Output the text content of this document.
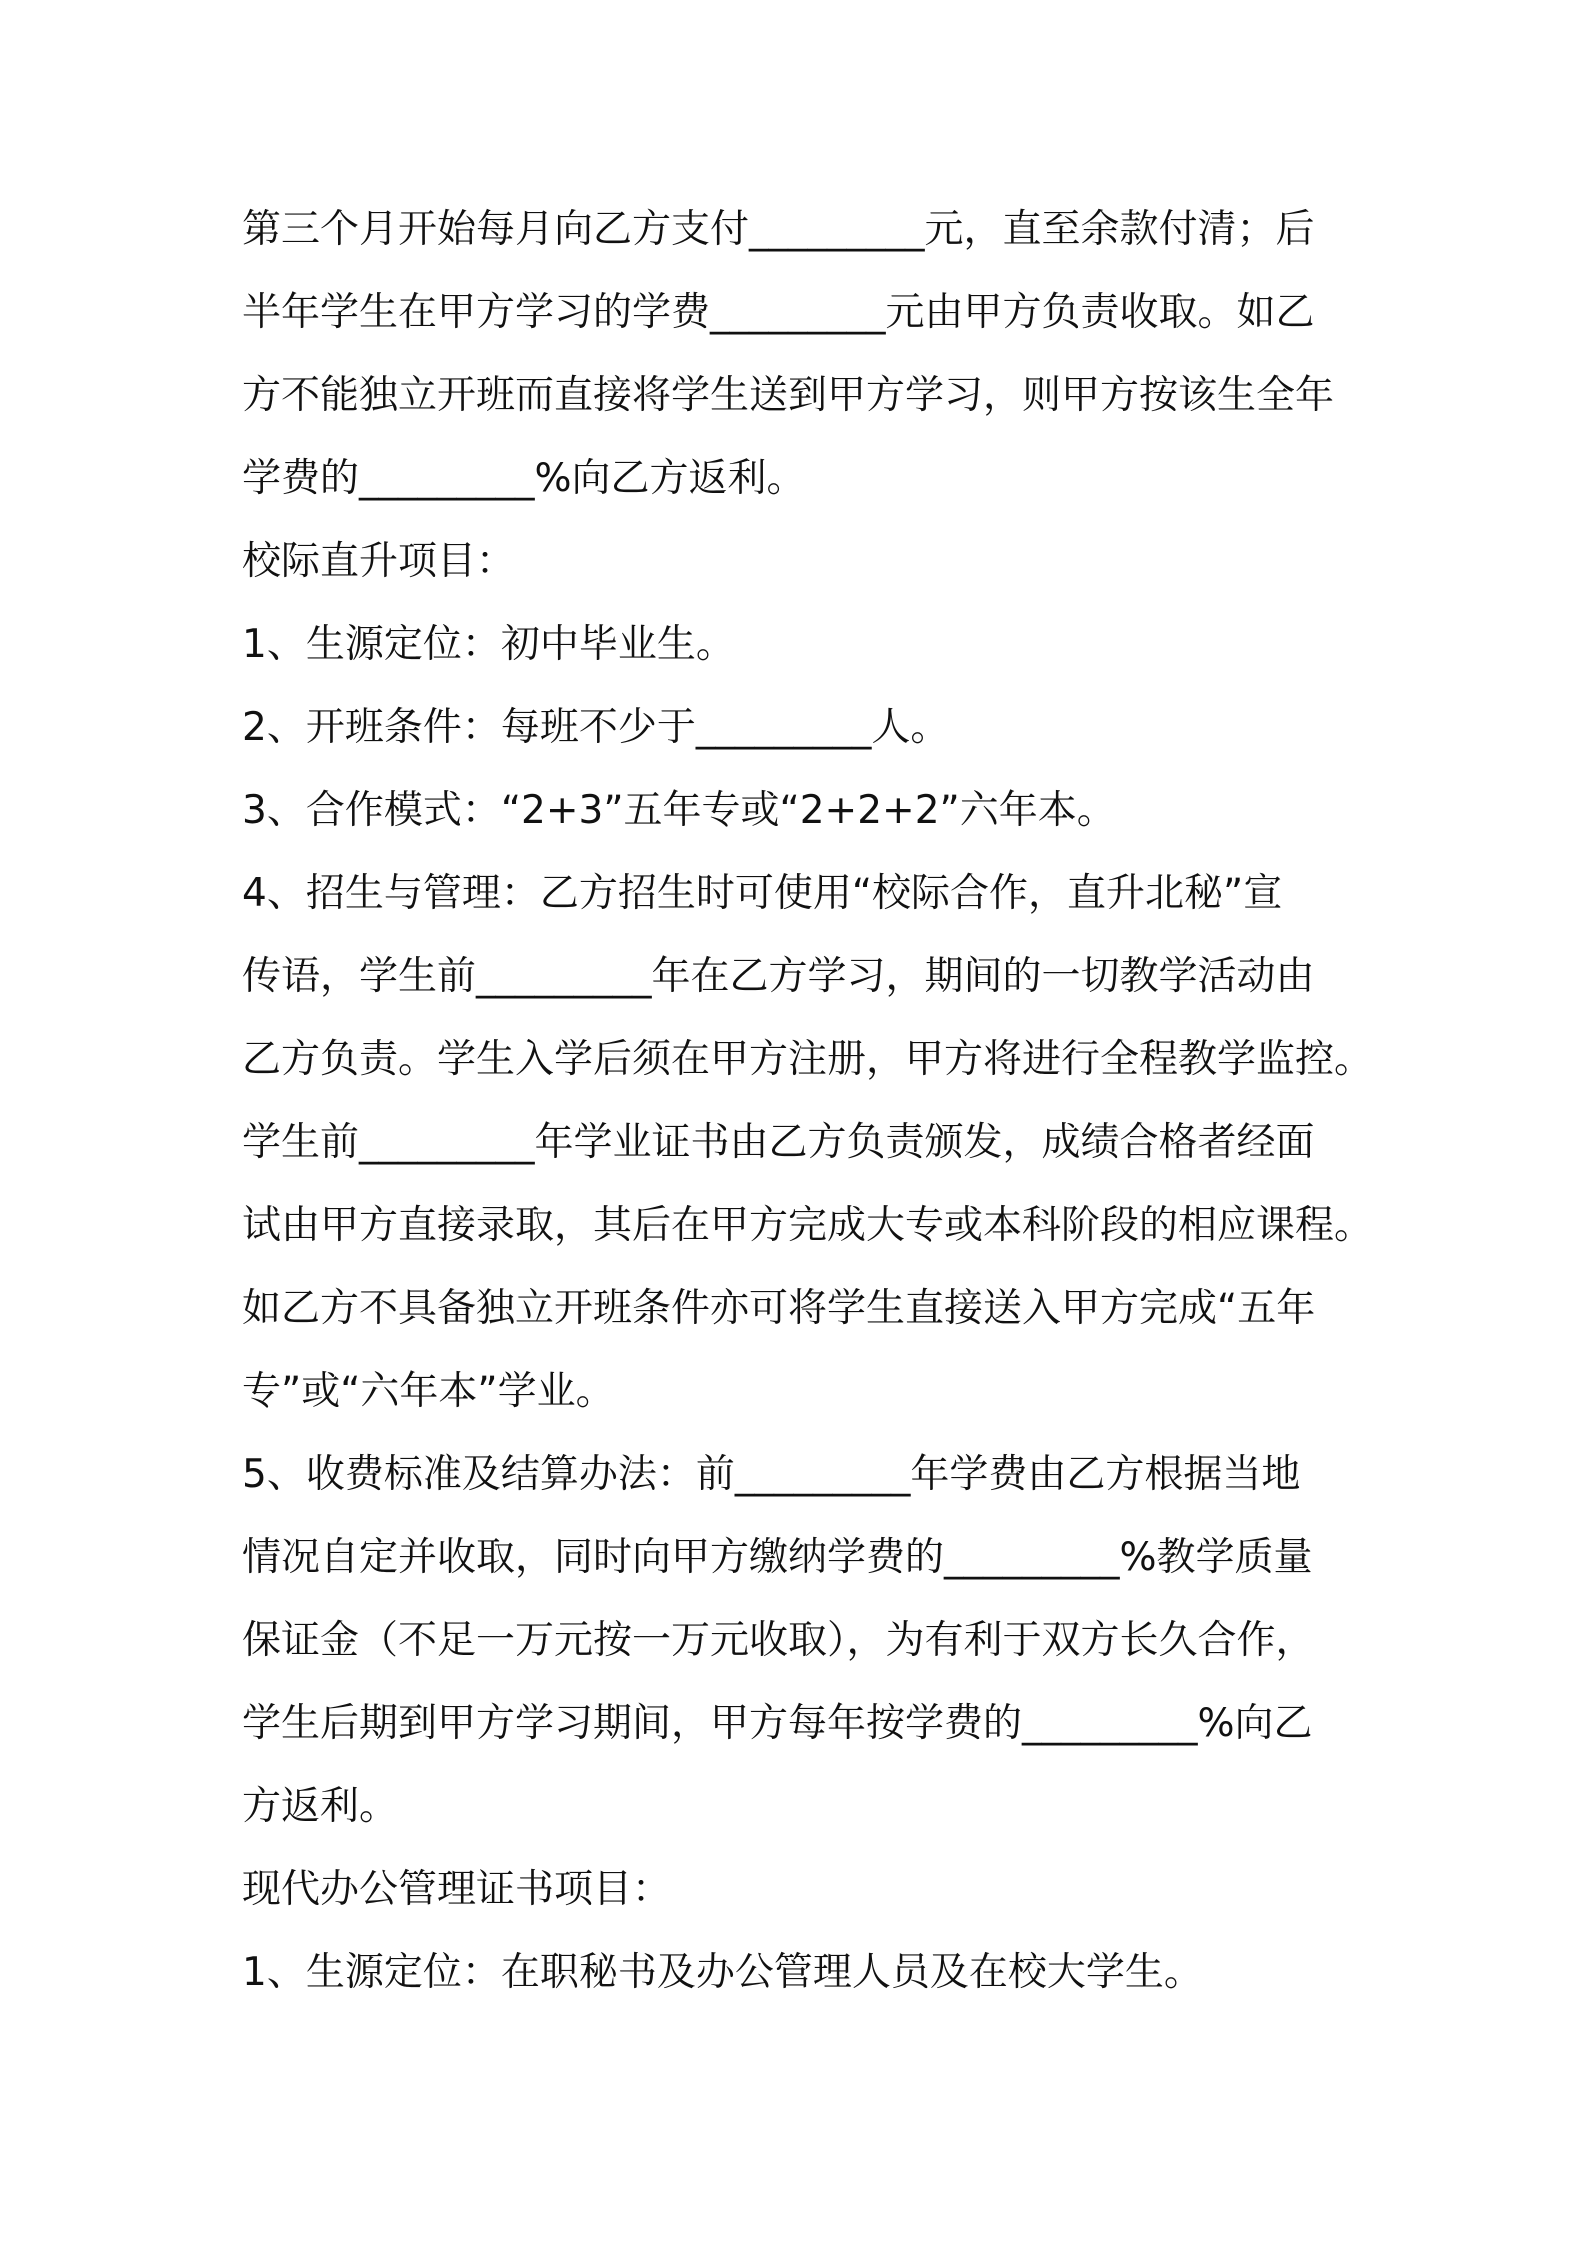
第三个月开始每月向乙方支付_________元，直至余款付清；后
半年学生在甲方学习的学费_________元由甲方负责收取。如乙
方不能独立开班而直接将学生送到甲方学习，则甲方按该生全年
学费的_________%向乙方返利。
校际直升项目：
1、生源定位：初中毕业生。
2、开班条件：每班不少于_________人。
3、合作模式：“2+3”五年专或“2+2+2”六年本。
4、招生与管理：乙方招生时可使用“校际合作，直升北秘”宣
传语，学生前_________年在乙方学习，期间的一切教学活动由
乙方负责。学生入学后须在甲方注册，甲方将进行全程教学监控。
学生前_________年学业证书由乙方负责颁发，成绩合格者经面
试由甲方直接录取，其后在甲方完成大专或本科阶段的相应课程。
如乙方不具备独立开班条件亦可将学生直接送入甲方完成“五年
专”或“六年本”学业。
5、收费标准及结算办法：前_________年学费由乙方根据当地
情况自定并收取，同时向甲方缴纳学费的_________%教学质量
保证金（不足一万元按一万元收取），为有利于双方长久合作，
学生后期到甲方学习期间，甲方每年按学费的_________%向乙
方返利。
现代办公管理证书项目：
1、生源定位：在职秘书及办公管理人员及在校大学生。
